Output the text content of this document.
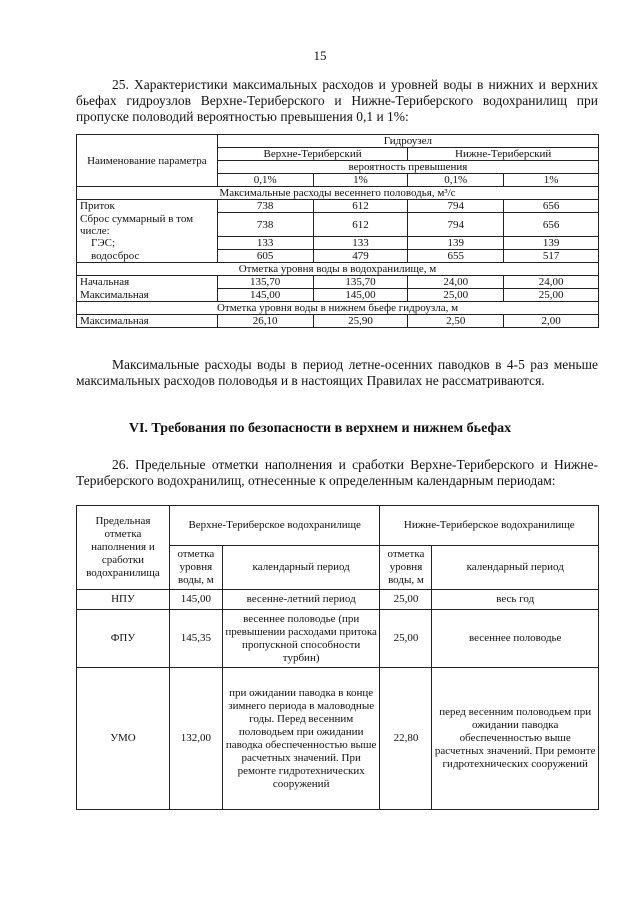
15
25. Характеристики максимальных расходов и уровней воды в нижних и верхних бьефах гидроузлов Верхне-Териберского и Нижне-Териберского водохранилищ при пропуске половодий вероятностью превышения 0,1 и 1%:
Наименование параметра	Гидроузел			
	Верхне-Териберский		Нижне-Териберский	
	вероятность превышения			
	0,1%	1%	0,1%	1%
Максимальные расходы весеннего половодья, м³/с				
Приток	738	612	794	656
Сброс суммарный в том числе:	738	612	794	656
ГЭС;	133	133	139	139
водосброс	605	479	655	517
Отметка уровня воды в водохранилище, м				
Начальная	135,70	135,70	24,00	24,00
Максимальная	145,00	145,00	25,00	25,00
Отметка уровня воды в нижнем бьефе гидроузла, м				
Максимальная	26,10	25,90	2,50	2,00
Максимальные расходы воды в период летне-осенних паводков в 4-5 раз меньше максимальных расходов половодья и в настоящих Правилах не рассматриваются.
VI. Требования по безопасности в верхнем и нижнем бьефах
26. Предельные отметки наполнения и сработки Верхне-Териберского и Нижне-Териберского водохранилищ, отнесенные к определенным календарным периодам:
Предельная отметка наполнения и сработки водохранилища	Верхне-Териберское водохранилище		Нижне-Териберское водохранилище	
	отметка уровня воды, м	календарный период	отметка уровня воды, м	календарный период
НПУ	145,00	весенне-летний период	25,00	весь год
ФПУ	145,35	весеннее половодье (при превышении расходами притока пропускной способности турбин)	25,00	весеннее половодье
УМО	132,00	при ожидании паводка в конце зимнего периода в маловодные годы. Перед весенним половодьем при ожидании паводка обеспеченностью выше расчетных значений. При ремонте гидротехнических сооружений	22,80	перед весенним половодьем при ожидании паводка обеспеченностью выше расчетных значений. При ремонте гидротехнических сооружений
